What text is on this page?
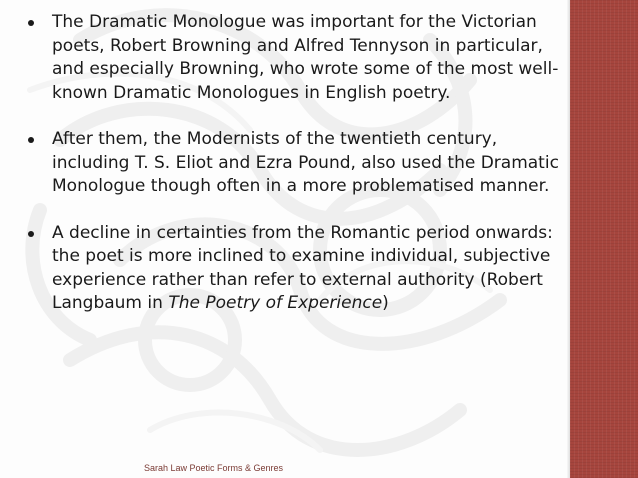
The Dramatic Monologue was important for the Victorian poets, Robert Browning and Alfred Tennyson in particular, and especially Browning, who wrote some of the most well-known Dramatic Monologues in English poetry.
After them, the Modernists of the twentieth century, including T. S. Eliot and Ezra Pound, also used the Dramatic Monologue though often in a more problematised manner.
A decline in certainties from the Romantic period onwards: the poet is more inclined to examine individual, subjective experience rather than refer to external authority (Robert Langbaum in The Poetry of Experience)
Sarah Law Poetic Forms & Genres
